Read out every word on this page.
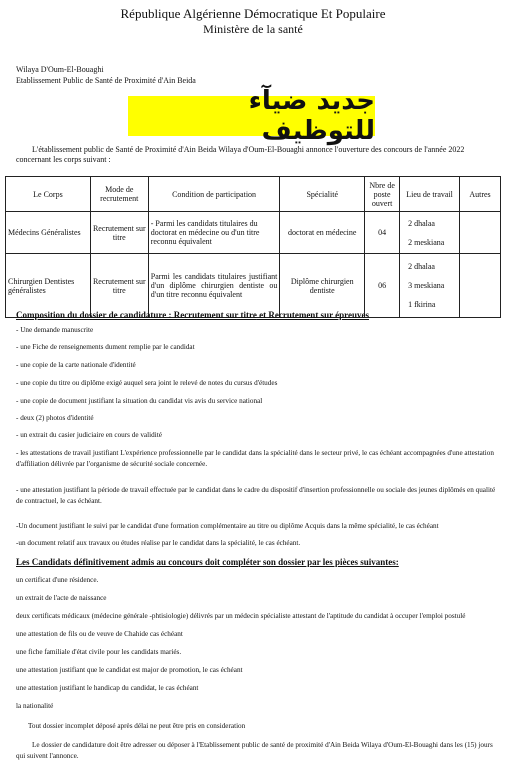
République Algérienne Démocratique Et Populaire
Ministère de la santé
Wilaya D'Oum-El-Bouaghi
Etablissement Public de Santé de Proximité d'Ain Beida
جديد ضيآء للتوظيف
L'établissement public de Santé de Proximité d'Ain Beida Wilaya d'Oum-El-Bouaghi annonce l'ouverture des concours de l'année 2022 concernant les corps suivant :
Le Corps	Mode de recrutement	Condition de participation	Spécialité	Nbre de poste ouvert	Lieu de travail	Autres
Médecins Généralistes	Recrutement sur titre	- Parmi les candidats titulaires du doctorat en médecine ou d'un titre reconnu équivalent	doctorat en médecine	04	2 dhalaa
2 meskiana	

Chirurgien Dentistes généralistes	Recrutement sur titre	Parmi les candidats titulaires justifiant d'un diplôme chirurgien dentiste ou d'un titre reconnu équivalent	Diplôme chirurgien dentiste	06	2 dhalaa
3 meskiana
1 fkirina	

Composition du dossier de candidature : Recrutement sur titre et Recrutement sur épreuves
- Une demande manuscrite
- une Fiche de renseignements dument remplie par le candidat
- une copie de la carte nationale d'identité
- une copie du titre ou diplôme exigé auquel sera joint le relevé de notes du cursus d'études
- une copie de document justifiant la situation du candidat vis avis du service national
- deux (2) photos d'identité
- un extrait du casier judiciaire en cours de validité
- les attestations de travail justifiant L'expérience professionnelle par le candidat dans la spécialité dans le secteur privé, le cas échéant accompagnées d'une attestation d'affiliation délivrée par l'organisme de sécurité sociale concernée.
- une attestation justifiant la période de travail effectuée par le candidat dans le cadre du dispositif d'insertion professionnelle ou sociale des jeunes diplômés en qualité de contractuel, le cas échéant.
-Un document justifiant le suivi par le candidat d'une formation complémentaire au titre ou diplôme Acquis dans la même spécialité, le cas échéant
-un document relatif aux travaux ou études réalise par le candidat dans la spécialité, le cas échéant.
Les Candidats définitivement admis au concours doit compléter son dossier par les pièces suivantes:
un certificat d'une résidence.
un extrait de l'acte de naissance
deux certificats médicaux (médecine générale -phtisiologie) délivrés par un médecin spécialiste attestant de l'aptitude du candidat à occuper l'emploi postulé
une attestation de fils ou de veuve de Chahide cas échéant
une fiche familiale d'état civile pour les candidats mariés.
une attestation justifiant que le candidat est major de promotion, le cas échéant
une attestation justifiant le handicap du candidat, le cas échéant
la nationalité
Tout dossier incomplet déposé après délai ne peut être pris en consideration
Le dossier de candidature doit être adresser ou déposer à l'Etablissement public de santé de proximité d'Ain Beida Wilaya d'Oum-El-Bouaghi dans les (15) jours qui suivent l'annonce.
